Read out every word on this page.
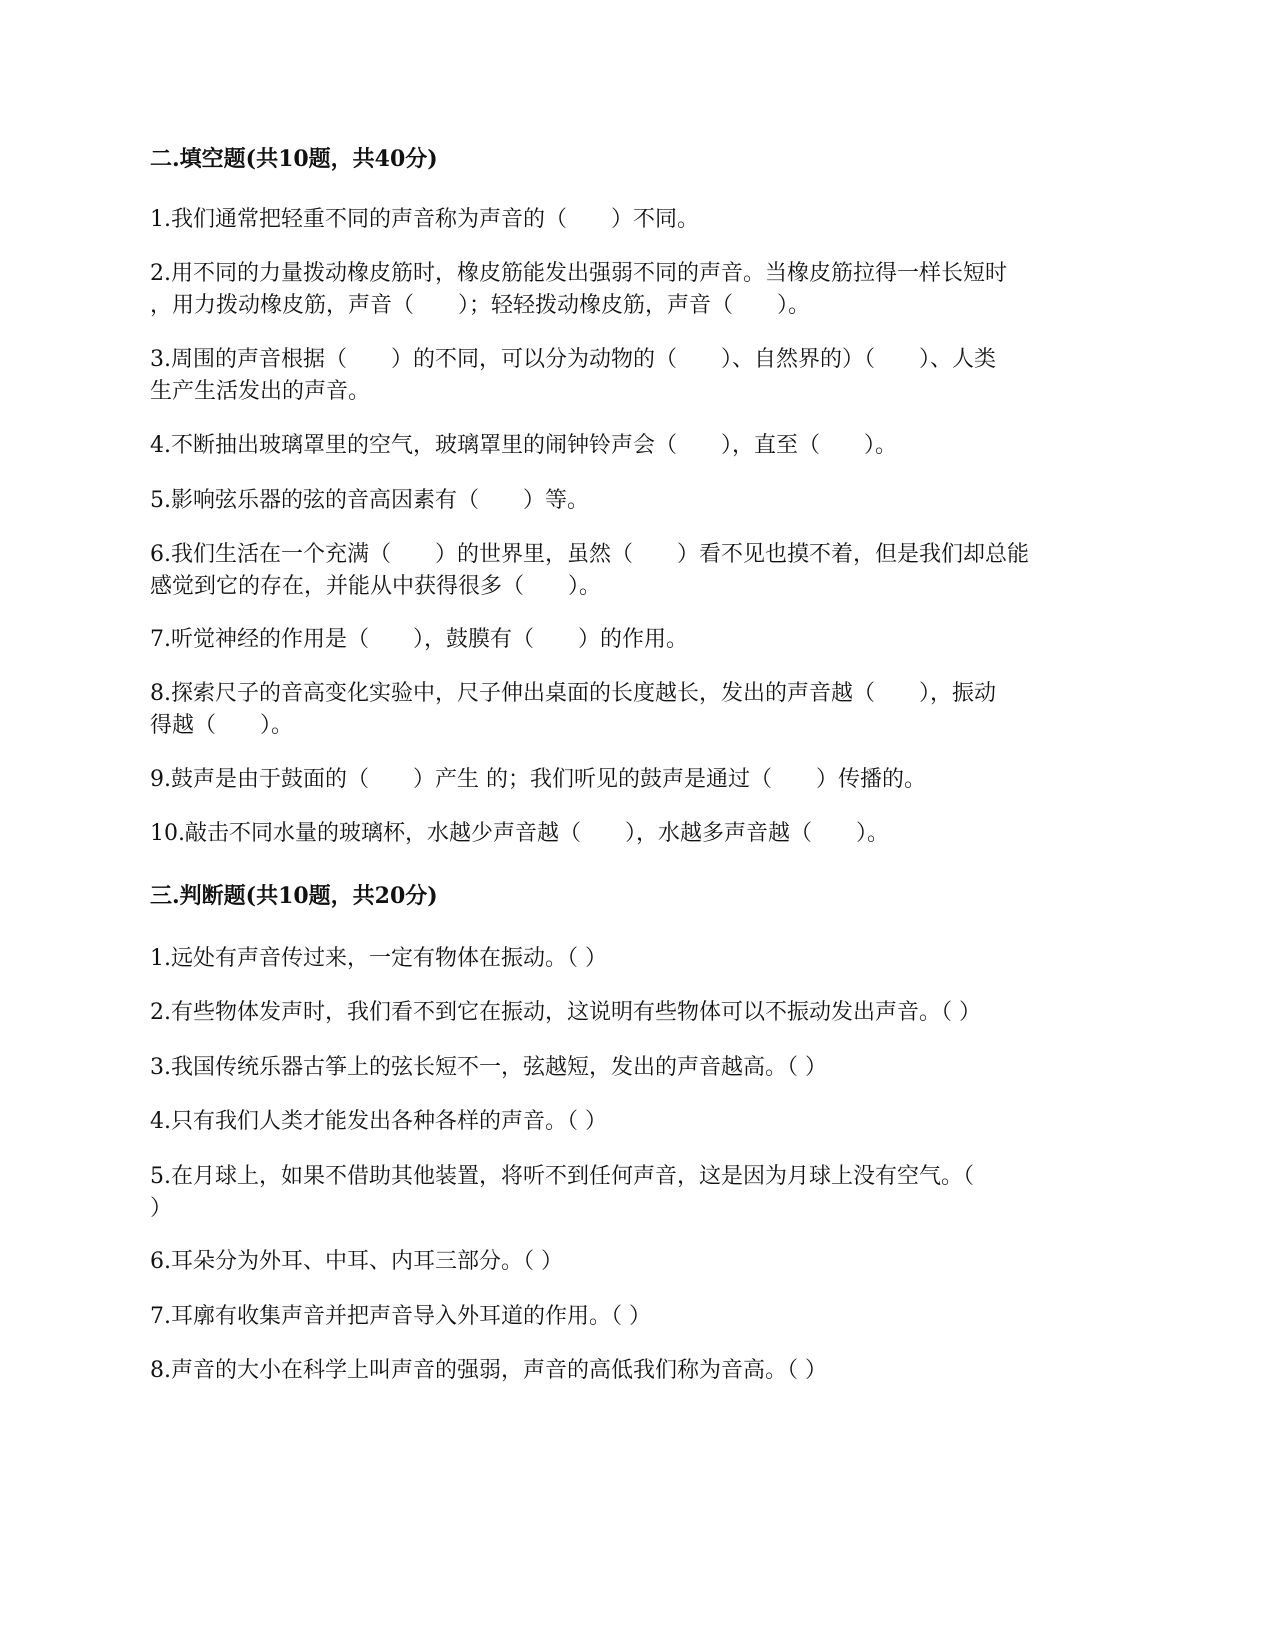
二.填空题(共10题，共40分)
1.我们通常把轻重不同的声音称为声音的（　　）不同。
2.用不同的力量拨动橡皮筋时，橡皮筋能发出强弱不同的声音。当橡皮筋拉得一样长短时
，用力拨动橡皮筋，声音（　　）；轻轻拨动橡皮筋，声音（　　）。
3.周围的声音根据（　　）的不同，可以分为动物的（　　）、自然界的）（　　）、人类
生产生活发出的声音。
4.不断抽出玻璃罩里的空气，玻璃罩里的闹钟铃声会（　　），直至（　　）。
5.影响弦乐器的弦的音高因素有（　　）等。
6.我们生活在一个充满（　　）的世界里，虽然（　　）看不见也摸不着，但是我们却总能
感觉到它的存在，并能从中获得很多（　　）。
7.听觉神经的作用是（　　），鼓膜有（　　）的作用。
8.探索尺子的音高变化实验中，尺子伸出桌面的长度越长，发出的声音越（　　），振动
得越（　　）。
9.鼓声是由于鼓面的（　　）产生 的；我们听见的鼓声是通过（　　）传播的。
10.敲击不同水量的玻璃杯，水越少声音越（　　），水越多声音越（　　）。
三.判断题(共10题，共20分)
1.远处有声音传过来，一定有物体在振动。（ ）
2.有些物体发声时，我们看不到它在振动，这说明有些物体可以不振动发出声音。（ ）
3.我国传统乐器古筝上的弦长短不一，弦越短，发出的声音越高。（ ）
4.只有我们人类才能发出各种各样的声音。（ ）
5.在月球上，如果不借助其他装置，将听不到任何声音，这是因为月球上没有空气。（
）
6.耳朵分为外耳、中耳、内耳三部分。（ ）
7.耳廓有收集声音并把声音导入外耳道的作用。（ ）
8.声音的大小在科学上叫声音的强弱，声音的高低我们称为音高。（ ）
